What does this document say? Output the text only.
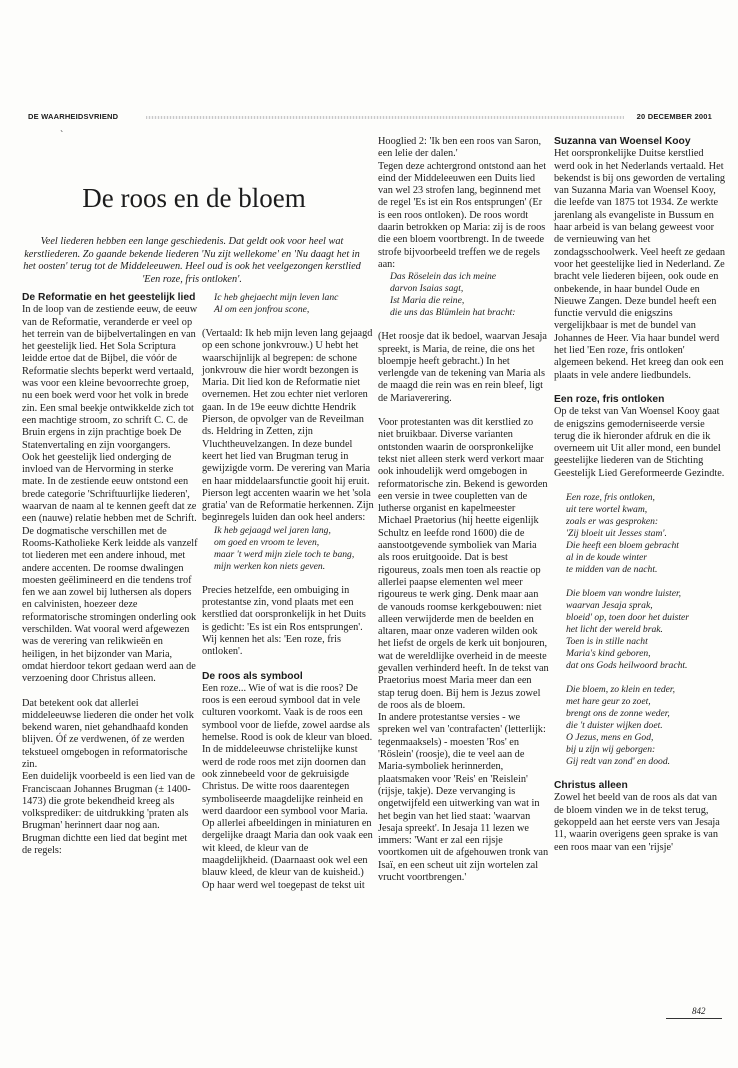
DE WAARHEIDSVRIEND	20 DECEMBER 2001
`
De roos en de bloem

Veel liederen hebben een lange geschiedenis. Dat geldt ook voor heel wat kerstliederen. Zo gaande bekende liederen 'Nu zijt wellekome' en 'Nu daagt het in het oosten' terug tot de Middeleeuwen. Heel oud is ook het veelgezongen kerstlied 'Een roze, fris ontloken'.

De Reformatie en het geestelijk lied

In de loop van de zestiende eeuw, de eeuw van de Reformatie, veranderde er veel op het terrein van de bijbelvertalingen en van het geestelijk lied. Het Sola Scriptura leidde ertoe dat de Bijbel, die vóór de Reformatie slechts beperkt werd vertaald, was voor een kleine bevoorrechte groep, nu een boek werd voor het volk in brede zin. Een smal beekje ontwikkelde zich tot een machtige stroom, zo schrift C. C. de Bruin ergens in zijn prachtige boek De Statenvertaling en zijn voorgangers.

Ook het geestelijk lied onderging de invloed van de Hervorming in sterke mate. In de zestiende eeuw ontstond een brede categorie 'Schriftuurlijke liederen', waarvan de naam al te kennen geeft dat ze een (nauwe) relatie hebben met de Schrift. De dogmatische verschillen met de Rooms-Katholieke Kerk leidde als vanzelf tot liederen met een andere inhoud, met andere accenten. De roomse dwalingen moesten geëlimineerd en die tendens trof fen we aan zowel bij luthersen als dopers en calvinisten, hoezeer deze reformatorische stromingen onderling ook verschilden. Wat vooral werd afgewezen was de verering van relikwieën en heiligen, in het bijzonder van Maria, omdat hierdoor tekort gedaan werd aan de verzoening door Christus alleen.

Dat betekent ook dat allerlei middeleeuwse liederen die onder het volk bekend waren, niet gehandhaafd konden blijven. Óf ze verdwenen, óf ze werden tekstueel omgebogen in reformatorische zin.

Een duidelijk voorbeeld is een lied van de Franciscaan Johannes Brugman (± 1400-1473) die grote bekendheid kreeg als volksprediker: de uitdrukking 'praten als Brugman' herinnert daar nog aan. Brugman dichtte een lied dat begint met de regels:

Ic heb ghejaecht mijn leven lanc
Al om een jonfrou scone,

(Vertaald: Ik heb mijn leven lang gejaagd op een schone jonkvrouw.) U hebt het waarschijnlijk al begrepen: de schone jonkvrouw die hier wordt bezongen is Maria. Dit lied kon de Reformatie niet overnemen. Het zou echter niet verloren gaan. In de 19e eeuw dichtte Hendrik Pierson, de opvolger van de Reveilman ds. Heldring in Zetten, zijn Vluchtheuvelzangen. In deze bundel keert het lied van Brugman terug in gewijzigde vorm. De verering van Maria en haar middelaarsfunctie gooit hij eruit. Pierson legt accenten waarin we het 'sola gratia' van de Reformatie herkennen. Zijn beginregels luiden dan ook heel anders:

Ik heb gejaagd wel jaren lang,
om goed en vroom te leven,
maar 't werd mijn ziele toch te bang,
mijn werken kon niets geven.

Precies hetzelfde, een ombuiging in protestantse zin, vond plaats met een kerstlied dat oorspronkelijk in het Duits is gedicht: 'Es ist ein Ros entsprungen'. Wij kennen het als: 'Een roze, fris ontloken'.

De roos als symbool

Een roze... Wie of wat is die roos? De roos is een eeroud symbool dat in vele culturen voorkomt. Vaak is de roos een symbool voor de liefde, zowel aardse als hemelse. Rood is ook de kleur van bloed. In de middeleeuwse christelijke kunst werd de rode roos met zijn doornen dan ook zinnebeeld voor de gekruisigde Christus. De witte roos daarentegen symboliseerde maagdelijke reinheid en werd daardoor een symbool voor Maria. Op allerlei afbeeldingen in miniaturen en dergelijke draagt Maria dan ook vaak een wit kleed, de kleur van de maagdelijkheid. (Daarnaast ook wel een blauw kleed, de kleur van de kuisheid.) Op haar werd wel toegepast de tekst uit

Hooglied 2: 'Ik ben een roos van Saron, een lelie der dalen.'

Tegen deze achtergrond ontstond aan het eind der Middeleeuwen een Duits lied van wel 23 strofen lang, beginnend met de regel 'Es ist ein Ros entsprungen' (Er is een roos ontloken). De roos wordt daarin betrokken op Maria: zij is de roos die een bloem voortbrengt. In de tweede strofe bijvoorbeeld treffen we de regels aan:

Das Röselein das ich meine
darvon Isaias sagt,
Ist Maria die reine,
die uns das Blümlein hat bracht:

(Het roosje dat ik bedoel, waarvan Jesaja spreekt, is Maria, de reine, die ons het bloempje heeft gebracht.) In het verlengde van de tekening van Maria als de maagd die rein was en rein bleef, ligt de Mariaverering.

Voor protestanten was dit kerstlied zo niet bruikbaar. Diverse varianten ontstonden waarin de oorspronkelijke tekst niet alleen sterk werd verkort maar ook inhoudelijk werd omgebogen in reformatorische zin. Bekend is geworden een versie in twee coupletten van de lutherse organist en kapelmeester Michael Praetorius (hij heette eigenlijk Schultz en leefde rond 1600) die de aanstootgevende symboliek van Maria als roos eruitgooide. Dat is best rigoureus, zoals men toen als reactie op allerlei paapse elementen wel meer rigoureus te werk ging. Denk maar aan de vanouds roomse kerkgebouwen: niet alleen verwijderde men de beelden en altaren, maar onze vaderen wilden ook het liefst de orgels de kerk uit bonjouren, wat de wereldlijke overheid in de meeste gevallen verhinderd heeft. In de tekst van Praetorius moest Maria meer dan een stap terug doen. Bij hem is Jezus zowel de roos als de bloem.

In andere protestantse versies - we spreken wel van 'contrafacten' (letterlijk: tegenmaaksels) - moesten 'Ros' en 'Röslein' (roosje), die te veel aan de Maria-symboliek herinnerden, plaatsmaken voor 'Reis' en 'Reislein' (rijsje, takje). Deze vervanging is ongetwijfeld een uitwerking van wat in het begin van het lied staat: 'waarvan Jesaja spreekt'. In Jesaja 11 lezen we immers: 'Want er zal een rijsje voortkomen uit de afgehouwen tronk van Isaï, en een scheut uit zijn wortelen zal vrucht voortbrengen.'

Suzanna van Woensel Kooy

Het oorspronkelijke Duitse kerstlied werd ook in het Nederlands vertaald. Het bekendst is bij ons geworden de vertaling van Suzanna Maria van Woensel Kooy, die leefde van 1875 tot 1934. Ze werkte jarenlang als evangeliste in Bussum en haar arbeid is van belang geweest voor de vernieuwing van het zondagsschoolwerk. Veel heeft ze gedaan voor het geestelijke lied in Nederland. Ze bracht vele liederen bijeen, ook oude en onbekende, in haar bundel Oude en Nieuwe Zangen. Deze bundel heeft een functie vervuld die enigszins vergelijkbaar is met de bundel van Johannes de Heer. Via haar bundel werd het lied 'Een roze, fris ontloken' algemeen bekend. Het kreeg dan ook een plaats in vele andere liedbundels.

Een roze, fris ontloken

Op de tekst van Van Woensel Kooy gaat de enigszins gemoderniseerde versie terug die ik hieronder afdruk en die ik overneem uit Uit aller mond, een bundel geestelijke liederen van de Stichting Geestelijk Lied Gereformeerde Gezindte.

Een roze, fris ontloken,
uit tere wortel kwam,
zoals er was gesproken:
'Zij bloeit uit Jesses stam'.
Die heeft een bloem gebracht
al in de koude winter
te midden van de nacht.
Die bloem van wondre luister,
waarvan Jesaja sprak,
bloeid' op, toen door het duister
het licht der wereld brak.
Toen is in stille nacht
Maria's kind geboren,
dat ons Gods heilwoord bracht.
Die bloem, zo klein en teder,
met hare geur zo zoet,
brengt ons de zonne weder,
die 't duister wijken doet.
O Jezus, mens en God,
bij u zijn wij geborgen:
Gij redt van zond' en dood.
Christus alleen

Zowel het beeld van de roos als dat van de bloem vinden we in de tekst terug, gekoppeld aan het eerste vers van Jesaja 11, waarin overigens geen sprake is van een roos maar van een 'rijsje'

842
